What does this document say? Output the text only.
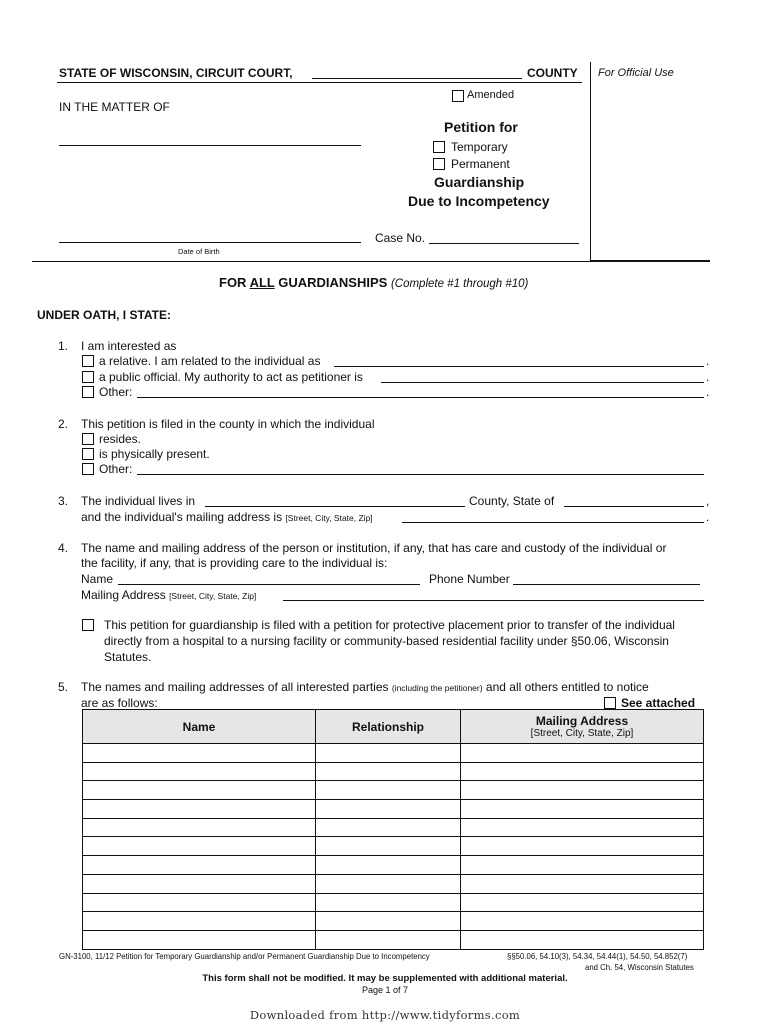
STATE OF WISCONSIN, CIRCUIT COURT,	COUNTY For Official Use
IN THE MATTER OF
Date of Birth
Amended
Petition for
Temporary
Permanent
Guardianship
Due to Incompetency
Case No.
FOR ALL GUARDIANSHIPS (Complete #1 through #10)
UNDER OATH, I STATE:
1. I am interested as
a relative. I am related to the individual as	.
a public official. My authority to act as petitioner is	.
Other:	.
2. This petition is filed in the county in which the individual
resides.
is physically present.
Other:
3. The individual lives in	County, State of	,
and the individual's mailing address is [Street, City, State, Zip]	.
4. The name and mailing address of the person or institution, if any, that has care and custody of the individual or
the facility, if any, that is providing care to the individual is:
Name	Phone Number
Mailing Address [Street, City, State, Zip]
This petition for guardianship is filed with a petition for protective placement prior to transfer of the individual
directly from a hospital to a nursing facility or community-based residential facility under §50.06, Wisconsin
Statutes.
5. The names and mailing addresses of all interested parties (including the petitioner) and all others entitled to notice
are as follows:	See attached
Name	Relationship	Mailing Address
[Street, City, State, Zip]

GN-3100, 11/12 Petition for Temporary Guardianship and/or Permanent Guardianship Due to Incompetency	§§50.06, 54.10(3), 54.34, 54.44(1), 54.50, 54.852(7)
and Ch. 54, Wisconsin Statutes
This form shall not be modified. It may be supplemented with additional material.
Page 1 of 7
Downloaded from http://www.tidyforms.com
